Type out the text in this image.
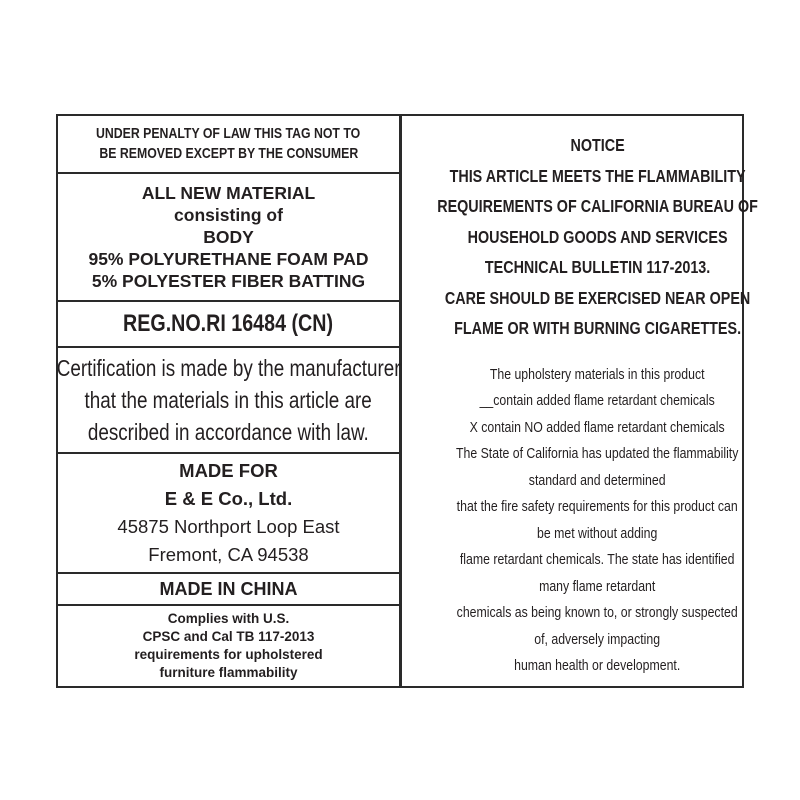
UNDER PENALTY OF LAW THIS TAG NOT TO
BE REMOVED EXCEPT BY THE CONSUMER
ALL NEW MATERIAL
consisting of
BODY
95% POLYURETHANE FOAM PAD
5% POLYESTER FIBER BATTING
REG.NO.RI 16484 (CN)
Certification is made by the manufacturer
that the materials in this article are
described in accordance with law.
MADE FOR
E & E Co., Ltd.
45875 Northport Loop East
Fremont, CA 94538
MADE IN CHINA
Complies with U.S.
CPSC and Cal TB 117-2013
requirements for upholstered
furniture flammability
NOTICE
THIS ARTICLE MEETS THE FLAMMABILITY
REQUIREMENTS OF CALIFORNIA BUREAU OF
HOUSEHOLD GOODS AND SERVICES
TECHNICAL BULLETIN 117-2013.
CARE SHOULD BE EXERCISED NEAR OPEN
FLAME OR WITH BURNING CIGARETTES.
The upholstery materials in this product
__contain added flame retardant chemicals
X contain NO added flame retardant chemicals
The State of California has updated the flammability
standard and determined
that the fire safety requirements for this product can
be met without adding
flame retardant chemicals. The state has identified
many flame retardant
chemicals as being known to, or strongly suspected
of, adversely impacting
human health or development.
